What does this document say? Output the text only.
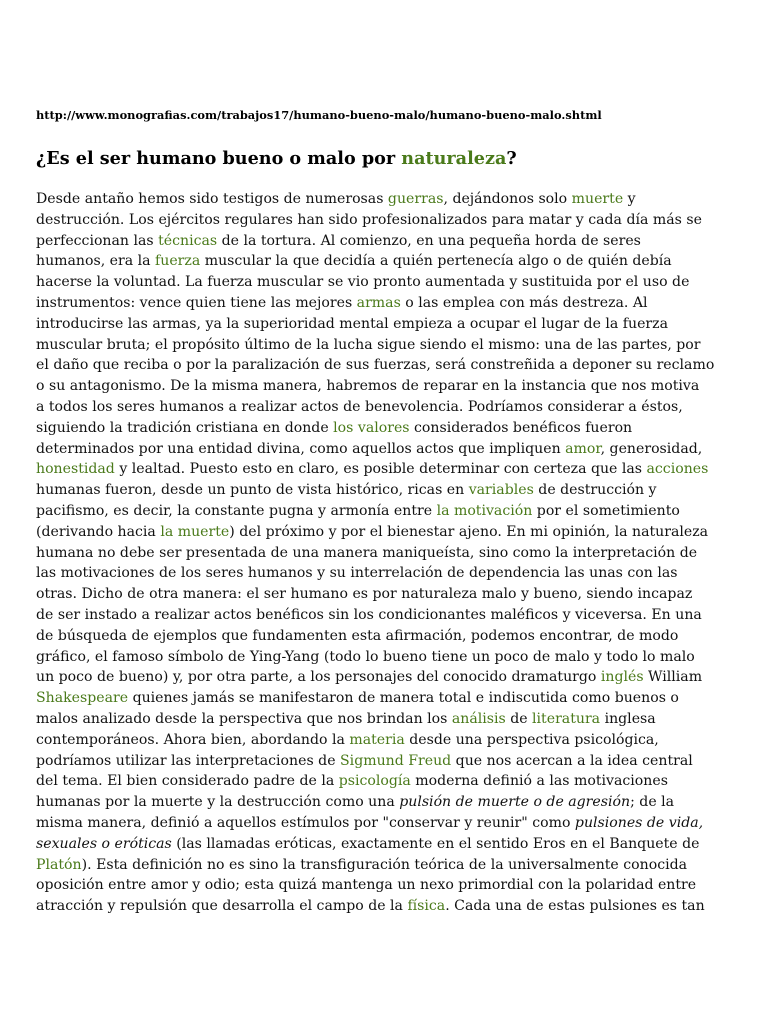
http://www.monografias.com/trabajos17/humano-bueno-malo/humano-bueno-malo.shtml
¿Es el ser humano bueno o malo por naturaleza?
Desde antaño hemos sido testigos de numerosas guerras, dejándonos solo muerte y
destrucción. Los ejércitos regulares han sido profesionalizados para matar y cada día más se
perfeccionan las técnicas de la tortura. Al comienzo, en una pequeña horda de seres
humanos, era la fuerza muscular la que decidía a quién pertenecía algo o de quién debía
hacerse la voluntad. La fuerza muscular se vio pronto aumentada y sustituida por el uso de
instrumentos: vence quien tiene las mejores armas o las emplea con más destreza. Al
introducirse las armas, ya la superioridad mental empieza a ocupar el lugar de la fuerza
muscular bruta; el propósito último de la lucha sigue siendo el mismo: una de las partes, por
el daño que reciba o por la paralización de sus fuerzas, será constreñida a deponer su reclamo
o su antagonismo. De la misma manera, habremos de reparar en la instancia que nos motiva
a todos los seres humanos a realizar actos de benevolencia. Podríamos considerar a éstos,
siguiendo la tradición cristiana en donde los valores considerados benéficos fueron
determinados por una entidad divina, como aquellos actos que impliquen amor, generosidad,
honestidad y lealtad. Puesto esto en claro, es posible determinar con certeza que las acciones
humanas fueron, desde un punto de vista histórico, ricas en variables de destrucción y
pacifismo, es decir, la constante pugna y armonía entre la motivación por el sometimiento
(derivando hacia la muerte) del próximo y por el bienestar ajeno. En mi opinión, la naturaleza
humana no debe ser presentada de una manera maniqueísta, sino como la interpretación de
las motivaciones de los seres humanos y su interrelación de dependencia las unas con las
otras. Dicho de otra manera: el ser humano es por naturaleza malo y bueno, siendo incapaz
de ser instado a realizar actos benéficos sin los condicionantes maléficos y viceversa. En una
de búsqueda de ejemplos que fundamenten esta afirmación, podemos encontrar, de modo
gráfico, el famoso símbolo de Ying-Yang (todo lo bueno tiene un poco de malo y todo lo malo
un poco de bueno) y, por otra parte, a los personajes del conocido dramaturgo inglés William
Shakespeare quienes jamás se manifestaron de manera total e indiscutida como buenos o
malos analizado desde la perspectiva que nos brindan los análisis de literatura inglesa
contemporáneos. Ahora bien, abordando la materia desde una perspectiva psicológica,
podríamos utilizar las interpretaciones de Sigmund Freud que nos acercan a la idea central
del tema. El bien considerado padre de la psicología moderna definió a las motivaciones
humanas por la muerte y la destrucción como una pulsión de muerte o de agresión; de la
misma manera, definió a aquellos estímulos por "conservar y reunir" como pulsiones de vida,
sexuales o eróticas (las llamadas eróticas, exactamente en el sentido Eros en el Banquete de
Platón). Esta definición no es sino la transfiguración teórica de la universalmente conocida
oposición entre amor y odio; esta quizá mantenga un nexo primordial con la polaridad entre
atracción y repulsión que desarrolla el campo de la física. Cada una de estas pulsiones es tan
